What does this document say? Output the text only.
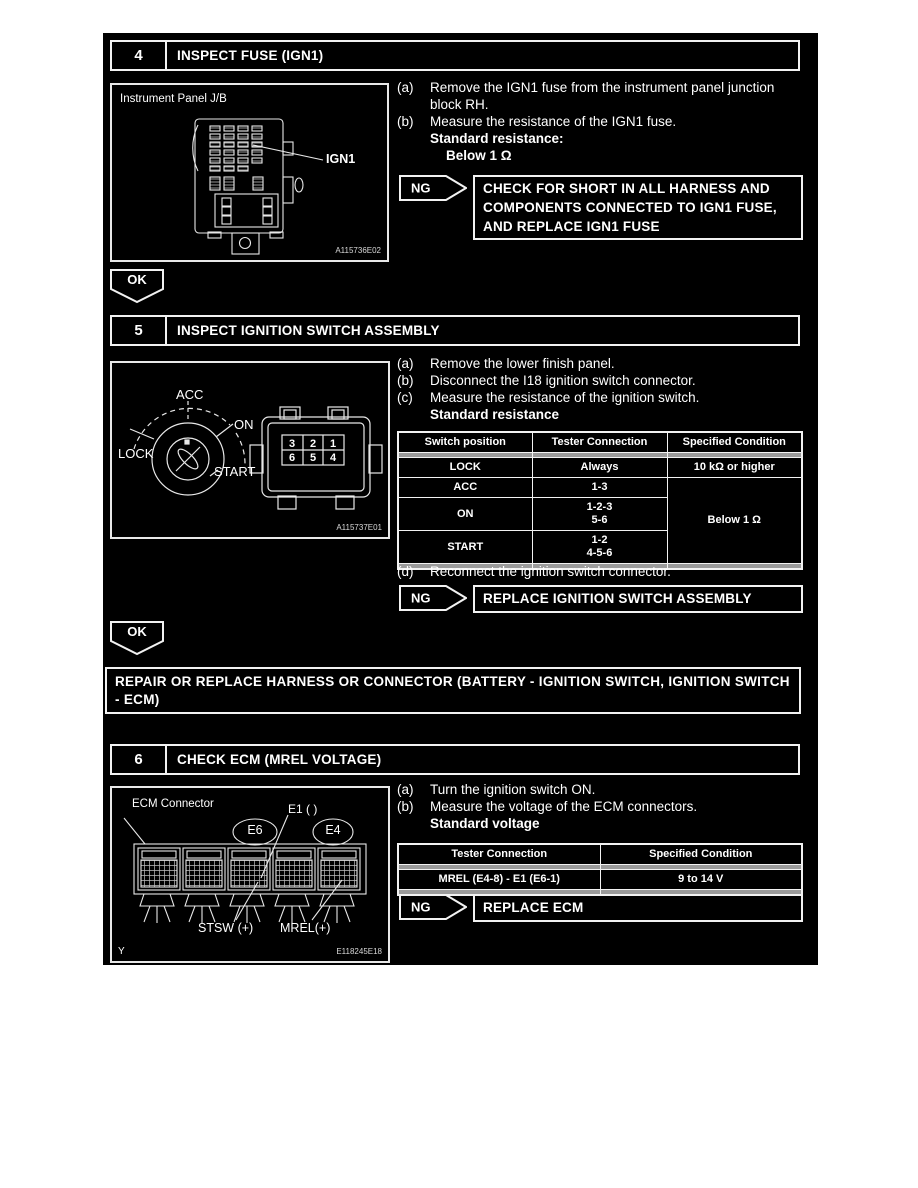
4	INSPECT FUSE (IGN1)
Instrument Panel J/B
IGN1
A115736E02
(a)	Remove the IGN1 fuse from the instrument panel junction block RH.
(b)	Measure the resistance of the IGN1 fuse.
Standard resistance:
Below 1 Ω
NG	CHECK FOR SHORT IN ALL HARNESS AND COMPONENTS CONNECTED TO IGN1 FUSE, AND REPLACE IGN1 FUSE
OK
5	INSPECT IGNITION SWITCH ASSEMBLY
3 2 1
6 5 4
ACC
ON
LOCK
START
A115737E01
(a)	Remove the lower finish panel.
(b)	Disconnect the I18 ignition switch connector.
(c)	Measure the resistance of the ignition switch.
Standard resistance
Switch position	Tester Connection	Specified Condition

LOCK	Always	10 kΩ or higher
ACC	1-3	Below 1 Ω
ON	1-2-3
5-6	

START	1-2
4-5-6	

(d)	Reconnect the ignition switch connector.
NG	REPLACE IGNITION SWITCH ASSEMBLY
OK
REPAIR OR REPLACE HARNESS OR CONNECTOR (BATTERY - IGNITION SWITCH, IGNITION SWITCH - ECM)
6	CHECK ECM (MREL VOLTAGE)
ECM Connector	E1 ( )
E6	E4
STSW (+) MREL(+)
Y	E118245E18
(a)	Turn the ignition switch ON.
(b)	Measure the voltage of the ECM connectors.
Standard voltage
Tester Connection	Specified Condition

MREL (E4-8) - E1 (E6-1)	9 to 14 V

NG	REPLACE ECM
